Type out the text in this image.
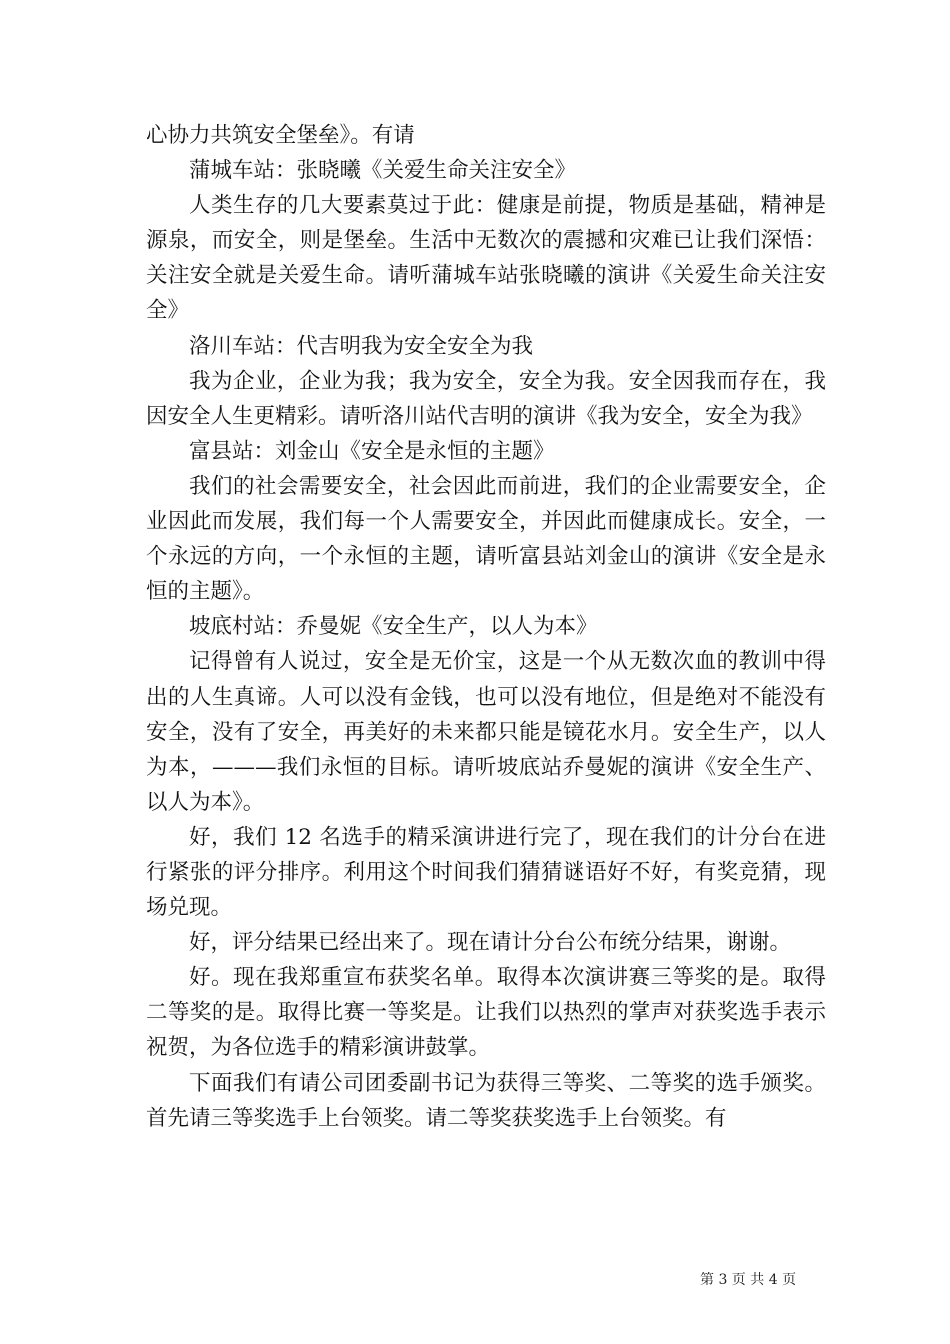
心协力共筑安全堡垒》。有请

蒲城车站：张晓曦《关爱生命关注安全》

人类生存的几大要素莫过于此：健康是前提，物质是基础，精神是源泉，而安全，则是堡垒。生活中无数次的震撼和灾难已让我们深悟：关注安全就是关爱生命。请听蒲城车站张晓曦的演讲《关爱生命关注安全》

洛川车站：代吉明我为安全安全为我

我为企业，企业为我；我为安全，安全为我。安全因我而存在，我因安全人生更精彩。请听洛川站代吉明的演讲《我为安全，安全为我》

富县站：刘金山《安全是永恒的主题》

我们的社会需要安全，社会因此而前进，我们的企业需要安全，企业因此而发展，我们每一个人需要安全，并因此而健康成长。安全，一个永远的方向，一个永恒的主题，请听富县站刘金山的演讲《安全是永恒的主题》。

坡底村站：乔曼妮《安全生产，以人为本》

记得曾有人说过，安全是无价宝，这是一个从无数次血的教训中得出的人生真谛。人可以没有金钱，也可以没有地位，但是绝对不能没有安全，没有了安全，再美好的未来都只能是镜花水月。安全生产，以人为本，———我们永恒的目标。请听坡底站乔曼妮的演讲《安全生产、以人为本》。

好，我们 12 名选手的精采演讲进行完了，现在我们的计分台在进行紧张的评分排序。利用这个时间我们猜猜谜语好不好，有奖竞猜，现场兑现。

好，评分结果已经出来了。现在请计分台公布统分结果，谢谢。

好。现在我郑重宣布获奖名单。取得本次演讲赛三等奖的是。取得二等奖的是。取得比赛一等奖是。让我们以热烈的掌声对获奖选手表示祝贺，为各位选手的精彩演讲鼓掌。

下面我们有请公司团委副书记为获得三等奖、二等奖的选手颁奖。首先请三等奖选手上台领奖。请二等奖获奖选手上台领奖。有

第 3 页 共 4 页
